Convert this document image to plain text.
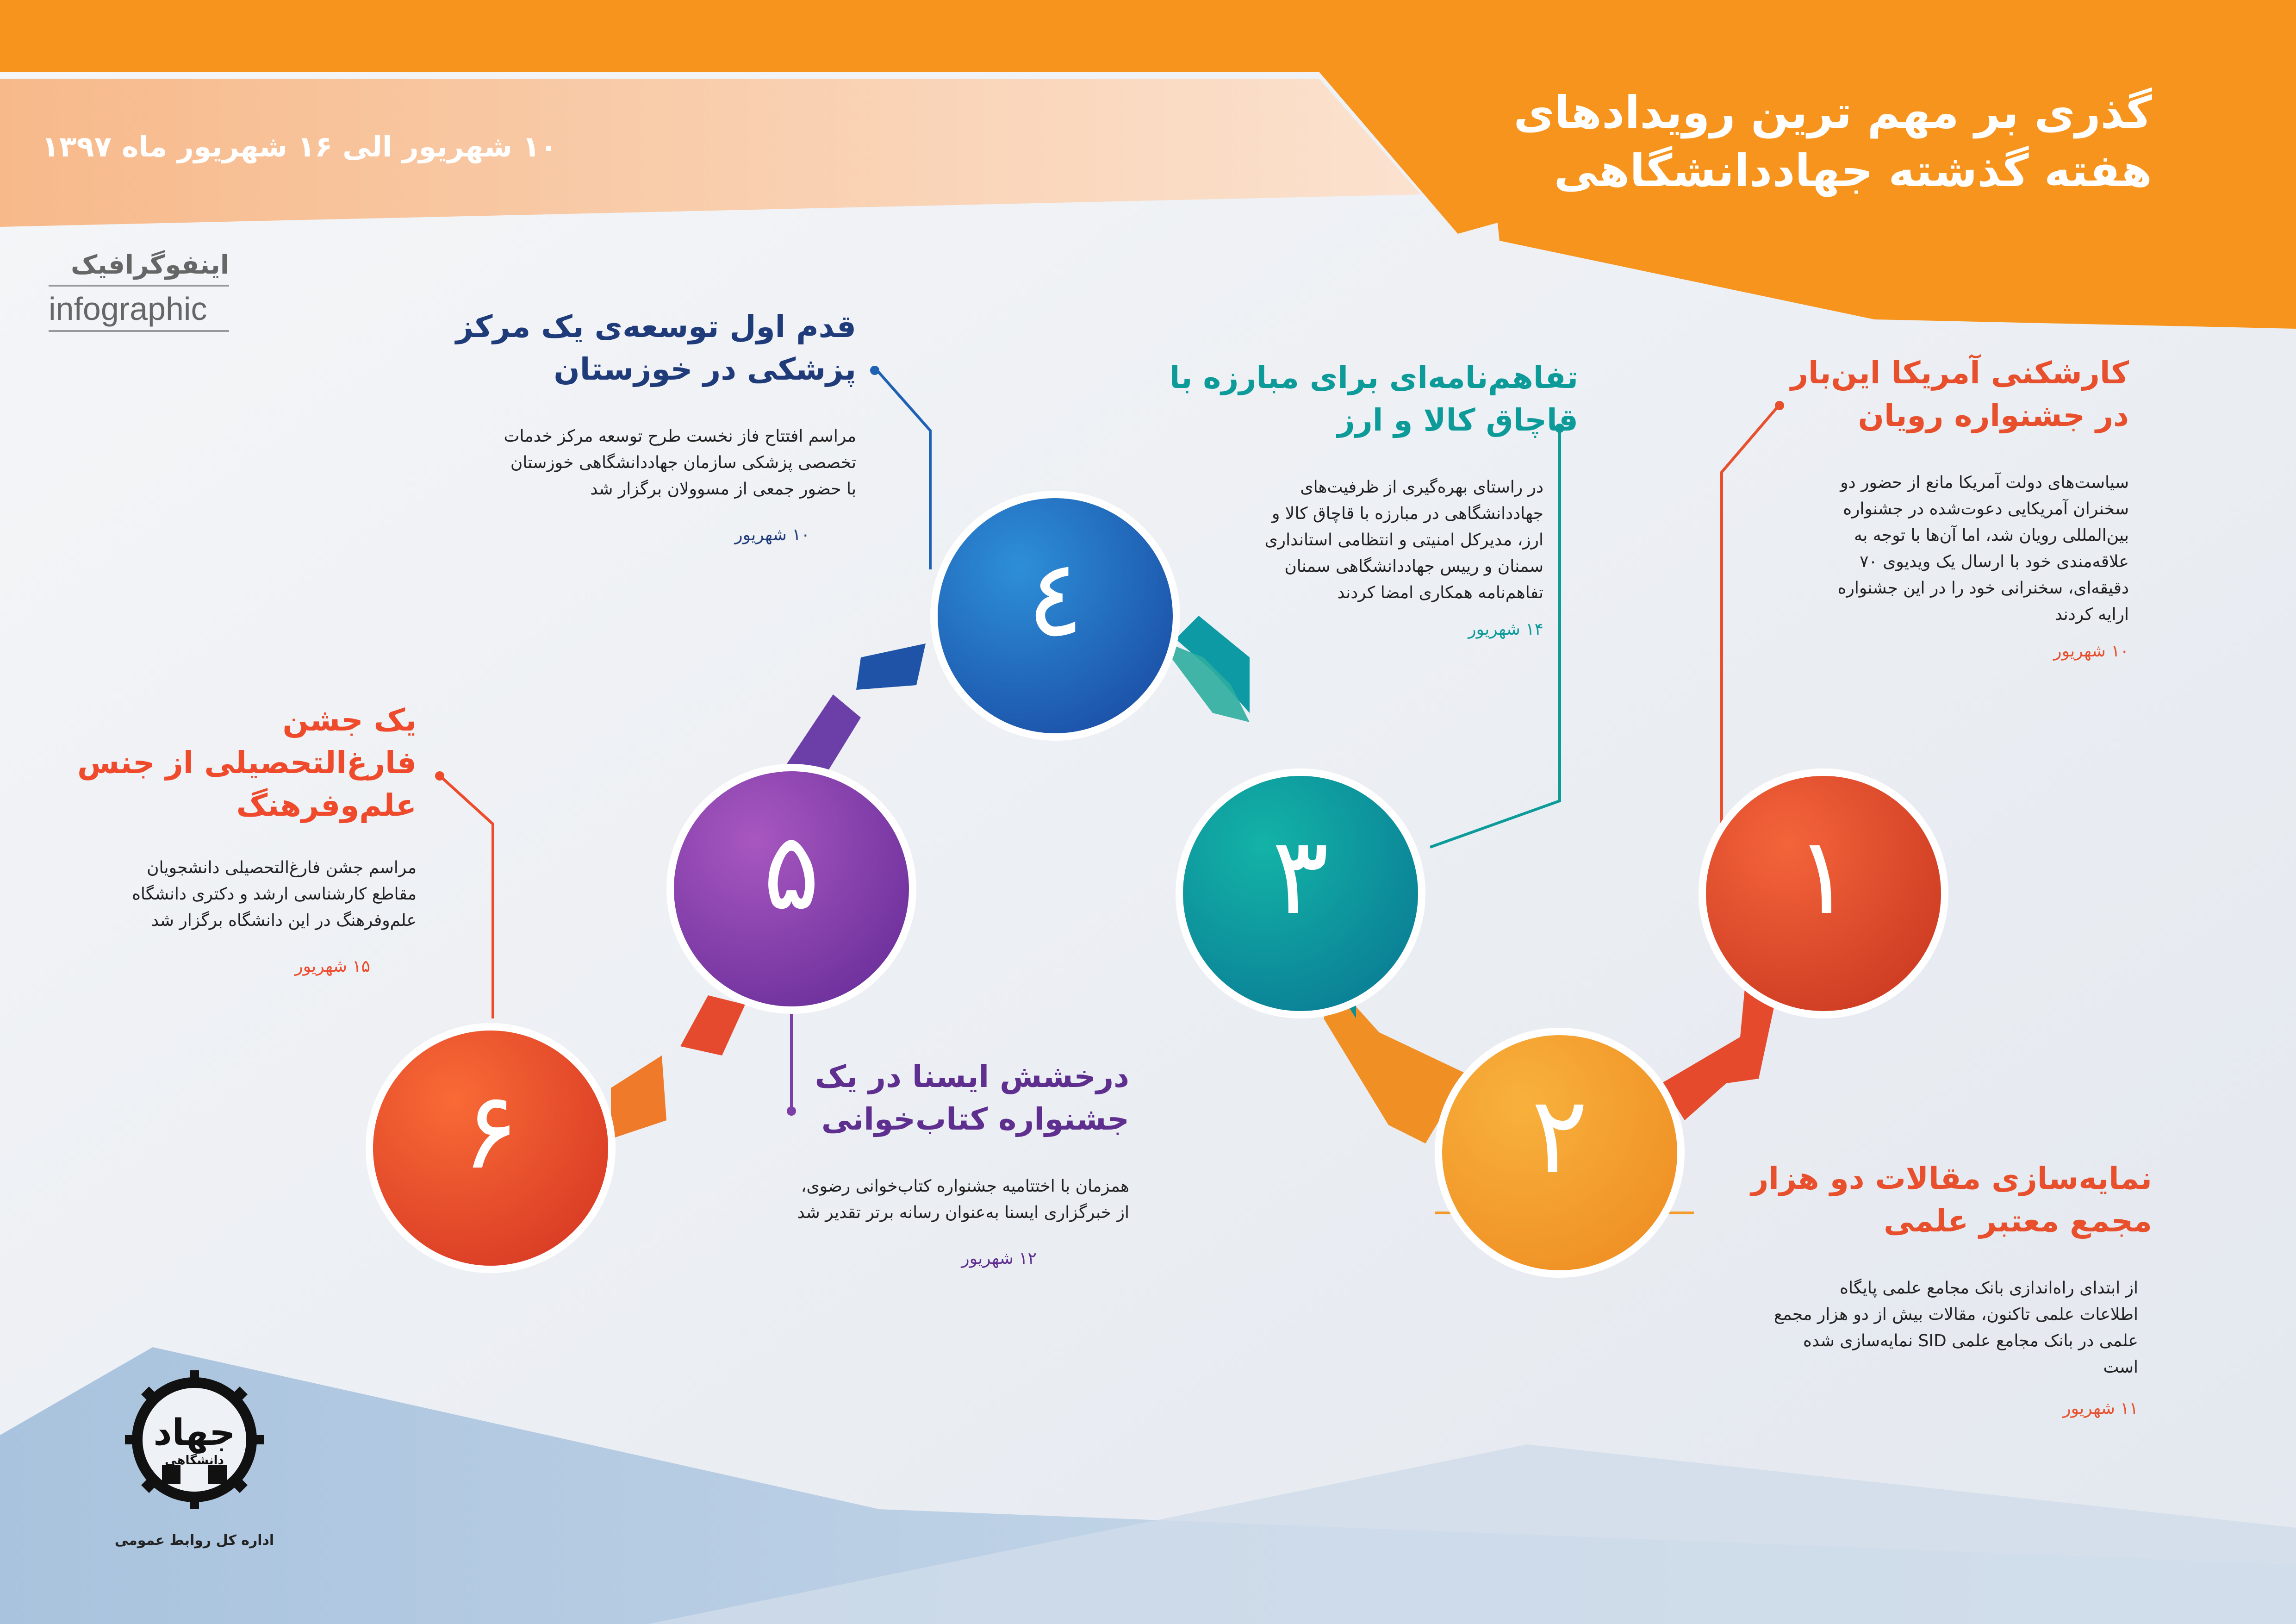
گذری بر مهم ترین رویدادهای
هفته گذشته جهاددانشگاهی
۱۰ شهریور الی ۱۶ شهریور ماه ۱۳۹۷
اینفوگرافیک
infographic
۱
۲
۳
٤
۵
۶
کارشکنی آمریکا این‌بار
در جشنواره رویان
سیاست‌های دولت آمریکا مانع از حضور دو
سخنران آمریکایی دعوت‌شده در جشنواره
بین‌المللی رویان شد، اما آن‌ها با توجه به
علاقه‌مندی خود با ارسال یک ویدیوی ۷۰
دقیقه‌ای، سخنرانی خود را در این جشنواره
ارایه کردند
۱۰ شهریور
نمایه‌سازی مقالات دو هزار
مجمع معتبر علمی
از ابتدای راه‌اندازی بانک مجامع علمی پایگاه
اطلاعات علمی تاکنون، مقالات بیش از دو هزار مجمع
علمی در بانک مجامع علمی SID نمایه‌سازی شده
است
۱۱ شهریور
تفاهم‌نامه‌ای برای مبارزه با
قاچاق کالا و ارز
در راستای بهره‌گیری از ظرفیت‌های
جهاددانشگاهی در مبارزه با قاچاق کالا و
ارز، مدیرکل امنیتی و انتظامی استانداری
سمنان و رییس جهاددانشگاهی سمنان
تفاهم‌نامه همکاری امضا کردند
۱۴ شهریور
قدم اول توسعه‌ی یک مرکز
پزشکی در خوزستان
مراسم افتتاح فاز نخست طرح توسعه مرکز خدمات
تخصصی پزشکی سازمان جهاددانشگاهی خوزستان
با حضور جمعی از مسوولان برگزار شد
۱۰ شهریور
درخشش ایسنا در یک
جشنواره کتاب‌خوانی
همزمان با اختتامیه جشنواره کتاب‌خوانی رضوی،
از خبرگزاری ایسنا به‌عنوان رسانه برتر تقدیر شد
۱۲ شهریور
یک جشن
فارغ‌التحصیلی از جنس
علم‌وفرهنگ
مراسم جشن فارغ‌التحصیلی دانشجویان
مقاطع کارشناسی ارشد و دکتری دانشگاه
علم‌وفرهنگ در این دانشگاه برگزار شد
۱۵ شهریور
جهاد
دانشگاهی
اداره کل روابط عمومی
